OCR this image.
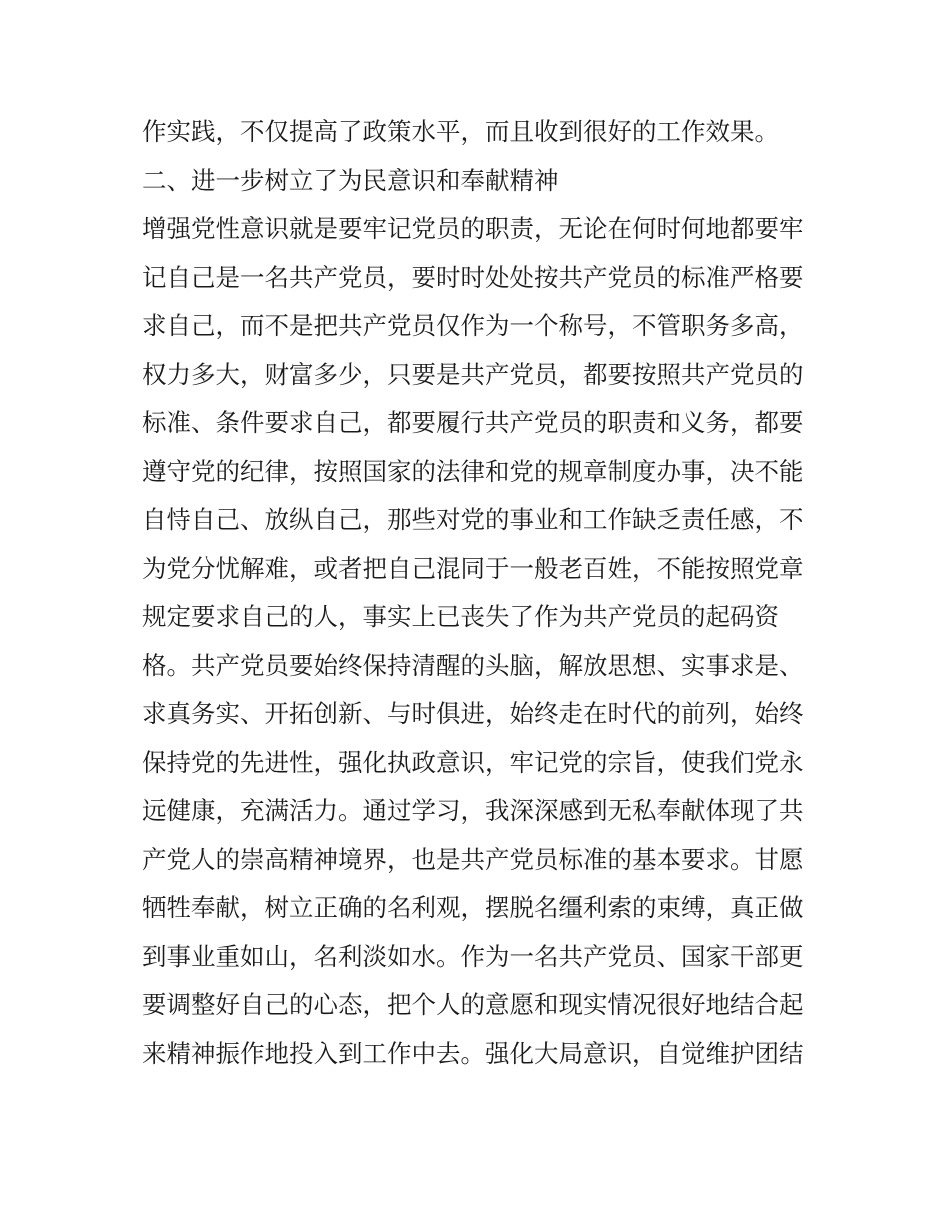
作实践，不仅提高了政策水平，而且收到很好的工作效果。
二、进一步树立了为民意识和奉献精神
增强党性意识就是要牢记党员的职责，无论在何时何地都要牢
记自己是一名共产党员，要时时处处按共产党员的标准严格要
求自己，而不是把共产党员仅作为一个称号，不管职务多高，
权力多大，财富多少，只要是共产党员，都要按照共产党员的
标准、条件要求自己，都要履行共产党员的职责和义务，都要
遵守党的纪律，按照国家的法律和党的规章制度办事，决不能
自恃自己、放纵自己，那些对党的事业和工作缺乏责任感，不
为党分忧解难，或者把自己混同于一般老百姓，不能按照党章
规定要求自己的人，事实上已丧失了作为共产党员的起码资
格。共产党员要始终保持清醒的头脑，解放思想、实事求是、
求真务实、开拓创新、与时俱进，始终走在时代的前列，始终
保持党的先进性，强化执政意识，牢记党的宗旨，使我们党永
远健康，充满活力。通过学习，我深深感到无私奉献体现了共
产党人的崇高精神境界，也是共产党员标准的基本要求。甘愿
牺牲奉献，树立正确的名利观，摆脱名缰利索的束缚，真正做
到事业重如山，名利淡如水。作为一名共产党员、国家干部更
要调整好自己的心态，把个人的意愿和现实情况很好地结合起
来精神振作地投入到工作中去。强化大局意识，自觉维护团结
